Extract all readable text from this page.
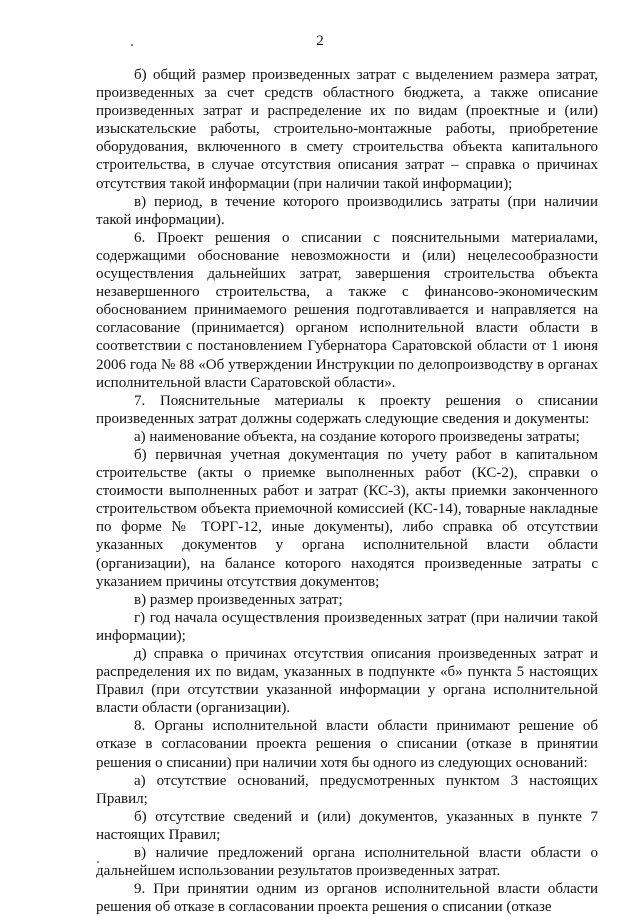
2

б) общий размер произведенных затрат с выделением размера затрат, произведенных за счет средств областного бюджета, а также описание произведенных затрат и распределение их по видам (проектные и (или) изыскательские работы, строительно-монтажные работы, приобретение оборудования, включенного в смету строительства объекта капитального строительства, в случае отсутствия описания затрат – справка о причинах отсутствия такой информации (при наличии такой информации);

в) период, в течение которого производились затраты (при наличии такой информации).

6. Проект решения о списании с пояснительными материалами, содержащими обоснование невозможности и (или) нецелесообразности осуществления дальнейших затрат, завершения строительства объекта незавершенного строительства, а также с финансово-экономическим обоснованием принимаемого решения подготавливается и направляется на согласование (принимается) органом исполнительной власти области в соответствии с постановлением Губернатора Саратовской области от 1 июня 2006 года № 88 «Об утверждении Инструкции по делопроизводству в органах исполнительной власти Саратовской области».

7. Пояснительные материалы к проекту решения о списании произведенных затрат должны содержать следующие сведения и документы:

а) наименование объекта, на создание которого произведены затраты;

б) первичная учетная документация по учету работ в капитальном строительстве (акты о приемке выполненных работ (КС-2), справки о стоимости выполненных работ и затрат (КС-3), акты приемки законченного строительством объекта приемочной комиссией (КС-14), товарные накладные по форме № ТОРГ-12, иные документы), либо справка об отсутствии указанных документов у органа исполнительной власти области (организации), на балансе которого находятся произведенные затраты с указанием причины отсутствия документов;

в) размер произведенных затрат;

г) год начала осуществления произведенных затрат (при наличии такой информации);

д) справка о причинах отсутствия описания произведенных затрат и распределения их по видам, указанных в подпункте «б» пункта 5 настоящих Правил (при отсутствии указанной информации у органа исполнительной власти области (организации).

8. Органы исполнительной власти области принимают решение об отказе в согласовании проекта решения о списании (отказе в принятии решения о списании) при наличии хотя бы одного из следующих оснований:

а) отсутствие оснований, предусмотренных пунктом 3 настоящих Правил;

б) отсутствие сведений и (или) документов, указанных в пункте 7 настоящих Правил;

в) наличие предложений органа исполнительной власти области о дальнейшем использовании результатов произведенных затрат.

9. При принятии одним из органов исполнительной власти области решения об отказе в согласовании проекта решения о списании (отказе
